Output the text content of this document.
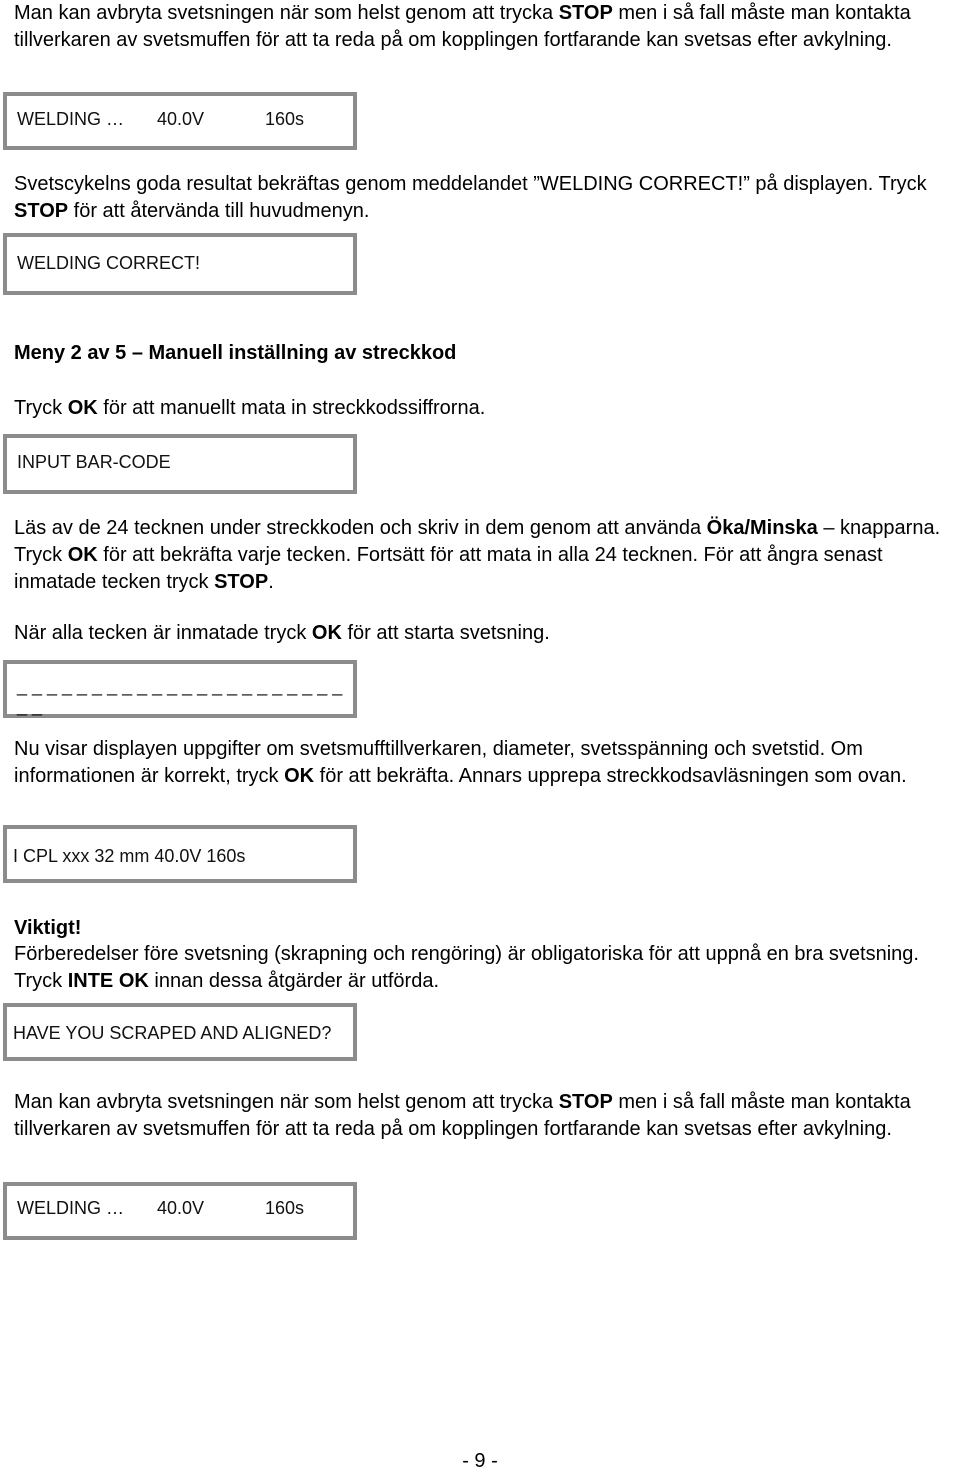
Man kan avbryta svetsningen när som helst genom att trycka STOP men i så fall måste man kontakta tillverkaren av svetsmuffen för att ta reda på om kopplingen fortfarande kan svetsas efter avkylning.

WELDING … 40.0V	160s

Svetscykelns goda resultat bekräftas genom meddelandet ”WELDING CORRECT!” på displayen. Tryck STOP för att återvända till huvudmenyn.

WELDING CORRECT!

Meny 2 av 5 – Manuell inställning av streckkod

Tryck OK för att manuellt mata in streckkodssiffrorna.

INPUT BAR-CODE

Läs av de 24 tecknen under streckkoden och skriv in dem genom att använda Öka/Minska – knapparna. Tryck OK för att bekräfta varje tecken. Fortsätt för att mata in alla 24 tecknen. För att ångra senast inmatade tecken tryck STOP.

När alla tecken är inmatade tryck OK för att starta svetsning.

_ _ _ _ _ _ _ _ _ _ _ _ _ _ _ _ _ _ _ _ _ _ _ _

Nu visar displayen uppgifter om svetsmufftillverkaren, diameter, svetsspänning och svetstid. Om informationen är korrekt, tryck OK för att bekräfta. Annars upprepa streckkodsavläsningen som ovan.

I CPL xxx 32 mm 40.0V 160s

Viktigt!

Förberedelser före svetsning (skrapning och rengöring) är obligatoriska för att uppnå en bra svetsning. Tryck INTE OK innan dessa åtgärder är utförda.

HAVE YOU SCRAPED AND ALIGNED?

Man kan avbryta svetsningen när som helst genom att trycka STOP men i så fall måste man kontakta tillverkaren av svetsmuffen för att ta reda på om kopplingen fortfarande kan svetsas efter avkylning.

WELDING … 40.0V	160s
- 9 -
